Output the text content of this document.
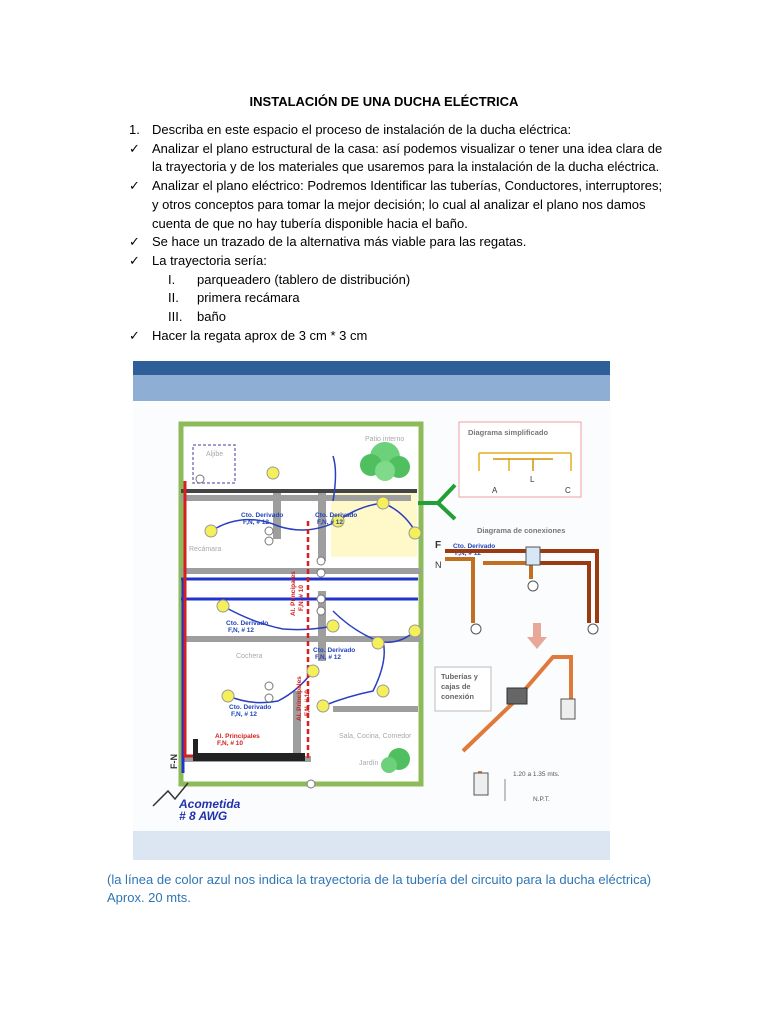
INSTALACIÓN DE UNA DUCHA ELÉCTRICA
1. Describa en este espacio el proceso de instalación de la ducha eléctrica:
✓ Analizar el plano estructural de la casa: así podemos visualizar o tener una idea clara de la trayectoria y de los materiales que usaremos para la instalación de la ducha eléctrica.
✓ Analizar el plano eléctrico: Podremos Identificar las tuberías, Conductores, interruptores; y otros conceptos para tomar la mejor decisión; lo cual al analizar el plano nos damos cuenta de que no hay tubería disponible hacia el baño.
✓ Se hace un trazado de la alternativa más viable para las regatas.
✓ La trayectoria sería:
I.	parqueadero (tablero de distribución)
II.	primera recámara
III.	baño
✓ Hacer la regata aprox de 3 cm * 3 cm
Aljibe
Patio interno
Recámara
Cochera
Sala, Cocina, Comedor
Jardín
Cto. Derivado
F,N, # 12
Cto. Derivado
F,N, # 12
Cto. Derivado
F,N, # 12
Cto. Derivado
F,N, # 12
Cto. Derivado
F,N, # 12
Al. Principales
F,N, # 10
Al. Principales F,N, # 10
Al. Principales F,N, # 10
F-N
Acometida
# 8 AWG
Diagrama simplificado
A
L
C
Diagrama de conexiones
F
N
Cto. Derivado
F,N, # 12
Tuberías y
cajas de
conexión
1.20 a 1.35 mts.
N.P.T.
(la línea de color azul nos indica la trayectoria de la tubería del circuito para la ducha eléctrica)
Aprox. 20 mts.
